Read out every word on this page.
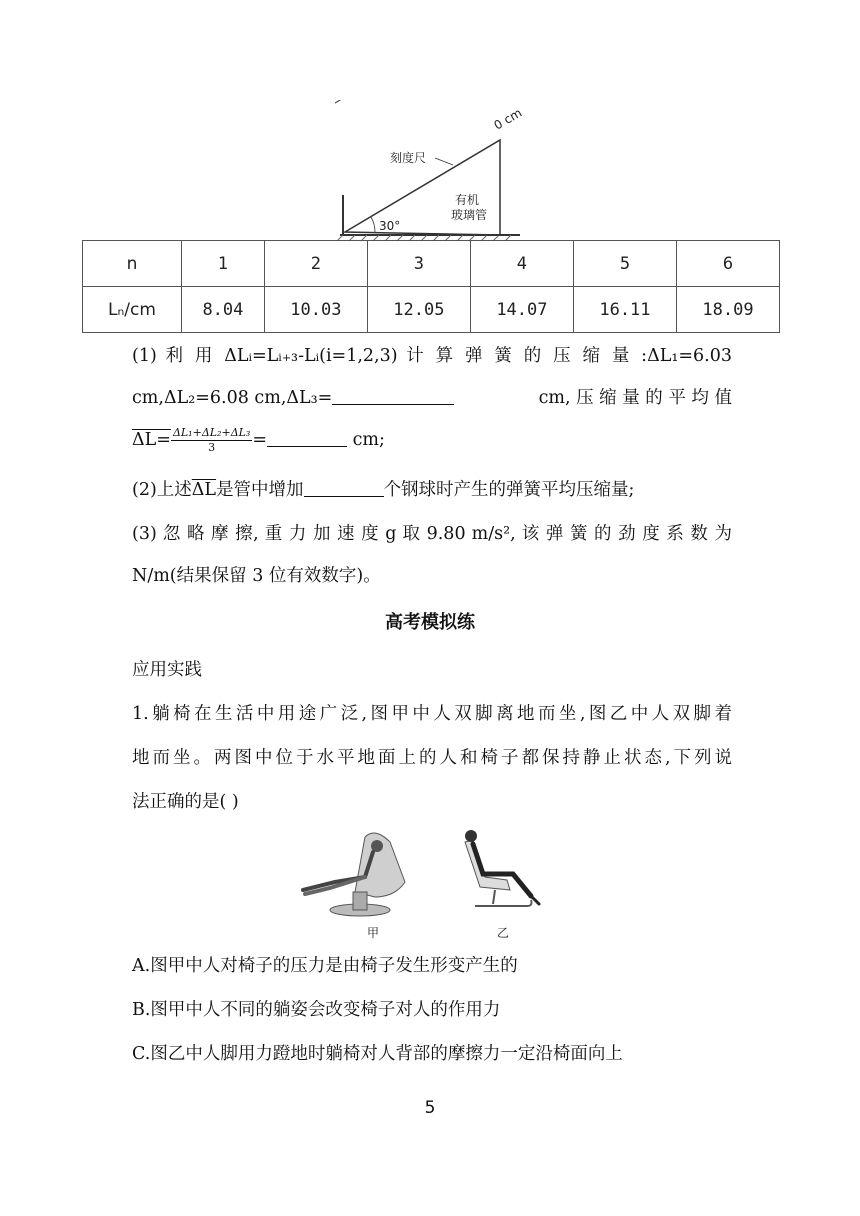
0 cm
刻度尺
有机
玻璃管
30°
n	1	2	3	4	5	6
Lₙ/cm	8.04	10.03	12.05	14.07	16.11	18.09
(1) 利 用 ΔLᵢ=Lᵢ₊₃-Lᵢ(i=1,2,3) 计 算 弹 簧 的 压 缩 量 :ΔL₁=6.03
cm,ΔL₂=6.08 cm,ΔL₃=	cm, 压 缩 量 的 平 均 值
$\Delta L= \frac{\text{ΔL₁+ΔL₂+ΔL₃}}{3}$ =	cm;
(2)上述$\overline{\Delta L}$是管中增加	个钢球时产生的弹簧平均压缩量;
(3) 忽 略 摩 擦, 重 力 加 速 度 g 取 9.80 m/s², 该 弹 簧 的 劲 度 系 数 为
N/m(结果保留 3 位有效数字)。
高考模拟练
应用实践
1.躺椅在生活中用途广泛,图甲中人双脚离地而坐,图乙中人双脚着
地而坐。两图中位于水平地面上的人和椅子都保持静止状态,下列说
法正确的是( )
甲	乙
A.图甲中人对椅子的压力是由椅子发生形变产生的
B.图甲中人不同的躺姿会改变椅子对人的作用力
C.图乙中人脚用力蹬地时躺椅对人背部的摩擦力一定沿椅面向上
5
